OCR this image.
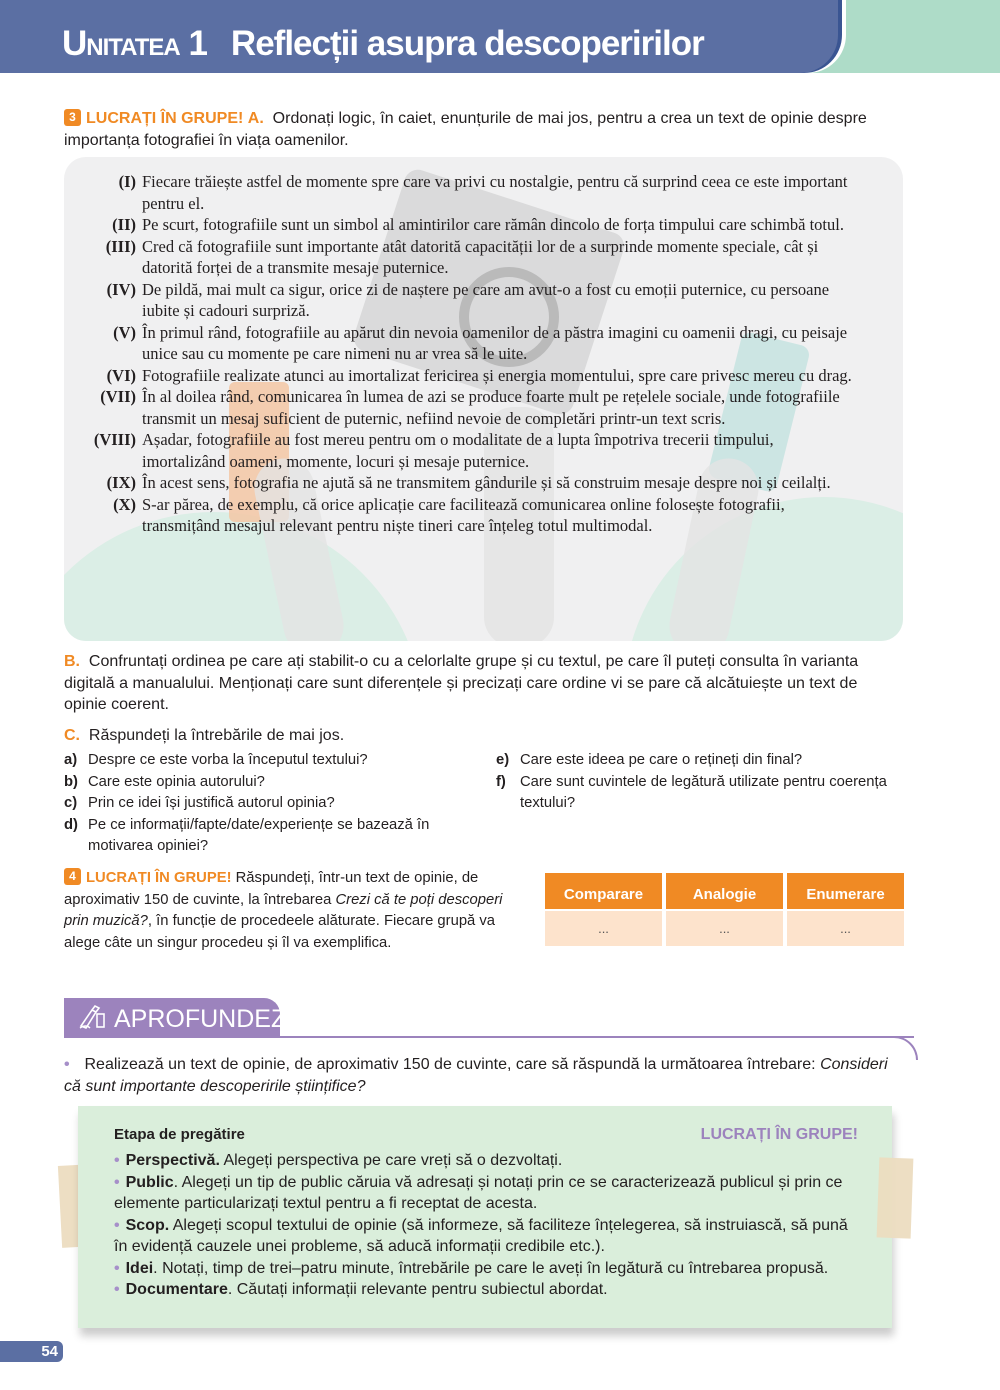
UNITATEA 1 Reflecții asupra descoperirilor
3 LUCRAȚI ÎN GRUPE! A. Ordonați logic, în caiet, enunțurile de mai jos, pentru a crea un text de opinie despre importanța fotografiei în viața oamenilor.
(I) Fiecare trăiește astfel de momente spre care va privi cu nostalgie, pentru că surprind ceea ce este important pentru el.
(II) Pe scurt, fotografiile sunt un simbol al amintirilor care rămân dincolo de forța timpului care schimbă totul.
(III) Cred că fotografiile sunt importante atât datorită capacității lor de a surprinde momente speciale, cât și datorită forței de a transmite mesaje puternice.
(IV) De pildă, mai mult ca sigur, orice zi de naștere pe care am avut-o a fost cu emoții puternice, cu persoane iubite și cadouri surpriză.
(V) În primul rând, fotografiile au apărut din nevoia oamenilor de a păstra imagini cu oamenii dragi, cu peisaje unice sau cu momente pe care nimeni nu ar vrea să le uite.
(VI) Fotografiile realizate atunci au imortalizat fericirea și energia momentului, spre care privesc mereu cu drag.
(VII) În al doilea rând, comunicarea în lumea de azi se produce foarte mult pe rețelele sociale, unde fotografiile transmit un mesaj suficient de puternic, nefiind nevoie de completări printr-un text scris.
(VIII) Așadar, fotografiile au fost mereu pentru om o modalitate de a lupta împotriva trecerii timpului, imortalizând oameni, momente, locuri și mesaje puternice.
(IX) În acest sens, fotografia ne ajută să ne transmitem gândurile și să construim mesaje despre noi și ceilalți.
(X) S-ar părea, de exemplu, că orice aplicație care facilitează comunicarea online folosește fotografii, transmițând mesajul relevant pentru niște tineri care înțeleg totul multimodal.
B. Confruntați ordinea pe care ați stabilit-o cu a celorlalte grupe și cu textul, pe care îl puteți consulta în varianta digitală a manualului. Menționați care sunt diferențele și precizați care ordine vi se pare că alcătuiește un text de opinie coerent.
C. Răspundeți la întrebările de mai jos.
a) Despre ce este vorba la începutul textului?
b) Care este opinia autorului?
c) Prin ce idei își justifică autorul opinia?
d) Pe ce informații/fapte/date/experiențe se bazează în motivarea opiniei?
e) Care este ideea pe care o rețineți din final?
f) Care sunt cuvintele de legătură utilizate pentru coerența textului?
4 LUCRAȚI ÎN GRUPE! Răspundeți, într-un text de opinie, de aproximativ 150 de cuvinte, la întrebarea Crezi că te poți descoperi prin muzică?, în funcție de procedeele alăturate. Fiecare grupă va alege câte un singur procedeu și îl va exemplifica.
Comparare
...
Analogie
...
Enumerare
...
APROFUNDEZ
• Realizează un text de opinie, de aproximativ 150 de cuvinte, care să răspundă la următoarea întrebare: Consideri că sunt importante descoperirile științifice?
Etapa de pregătire	LUCRAȚI ÎN GRUPE!
• Perspectivă. Alegeți perspectiva pe care vreți să o dezvoltați.
• Public. Alegeți un tip de public căruia vă adresați și notați prin ce se caracterizează publicul și prin ce elemente particularizați textul pentru a fi receptat de acesta.
• Scop. Alegeți scopul textului de opinie (să informeze, să faciliteze înțelegerea, să instruiască, să pună în evidență cauzele unei probleme, să aducă informații credibile etc.).
• Idei. Notați, timp de trei–patru minute, întrebările pe care le aveți în legătură cu întrebarea propusă.
• Documentare. Căutați informații relevante pentru subiectul abordat.
54
